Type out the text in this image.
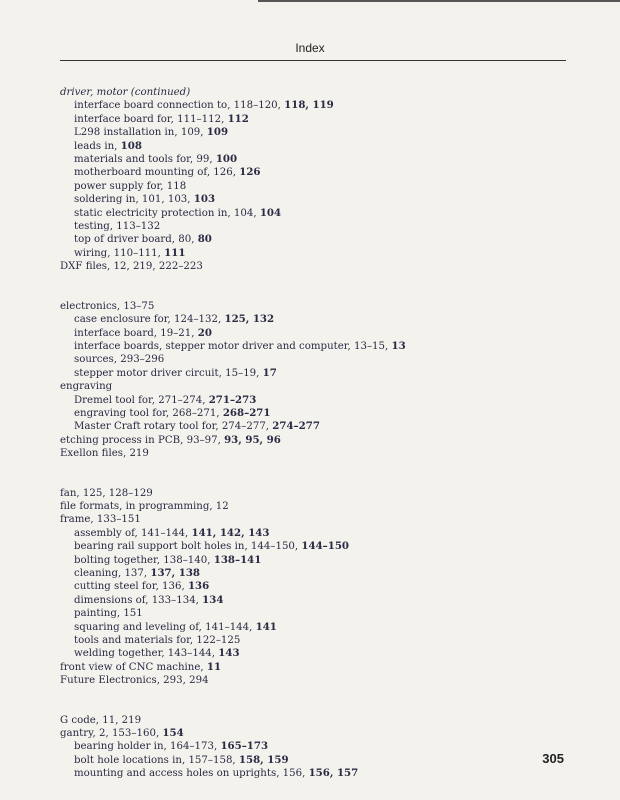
Index
driver, motor (continued)
interface board connection to, 118–120, 118, 119
interface board for, 111–112, 112
L298 installation in, 109, 109
leads in, 108
materials and tools for, 99, 100
motherboard mounting of, 126, 126
power supply for, 118
soldering in, 101, 103, 103
static electricity protection in, 104, 104
testing, 113–132
top of driver board, 80, 80
wiring, 110–111, 111
DXF files, 12, 219, 222–223
electronics, 13–75
case enclosure for, 124–132, 125, 132
interface board, 19–21, 20
interface boards, stepper motor driver and computer, 13–15, 13
sources, 293–296
stepper motor driver circuit, 15–19, 17
engraving
Dremel tool for, 271–274, 271–273
engraving tool for, 268–271, 268–271
Master Craft rotary tool for, 274–277, 274–277
etching process in PCB, 93–97, 93, 95, 96
Exellon files, 219
fan, 125, 128–129
file formats, in programming, 12
frame, 133–151
assembly of, 141–144, 141, 142, 143
bearing rail support bolt holes in, 144–150, 144–150
bolting together, 138–140, 138–141
cleaning, 137, 137, 138
cutting steel for, 136, 136
dimensions of, 133–134, 134
painting, 151
squaring and leveling of, 141–144, 141
tools and materials for, 122–125
welding together, 143–144, 143
front view of CNC machine, 11
Future Electronics, 293, 294
G code, 11, 219
gantry, 2, 153–160, 154
bearing holder in, 164–173, 165–173
bolt hole locations in, 157–158, 158, 159
mounting and access holes on uprights, 156, 156, 157
305
